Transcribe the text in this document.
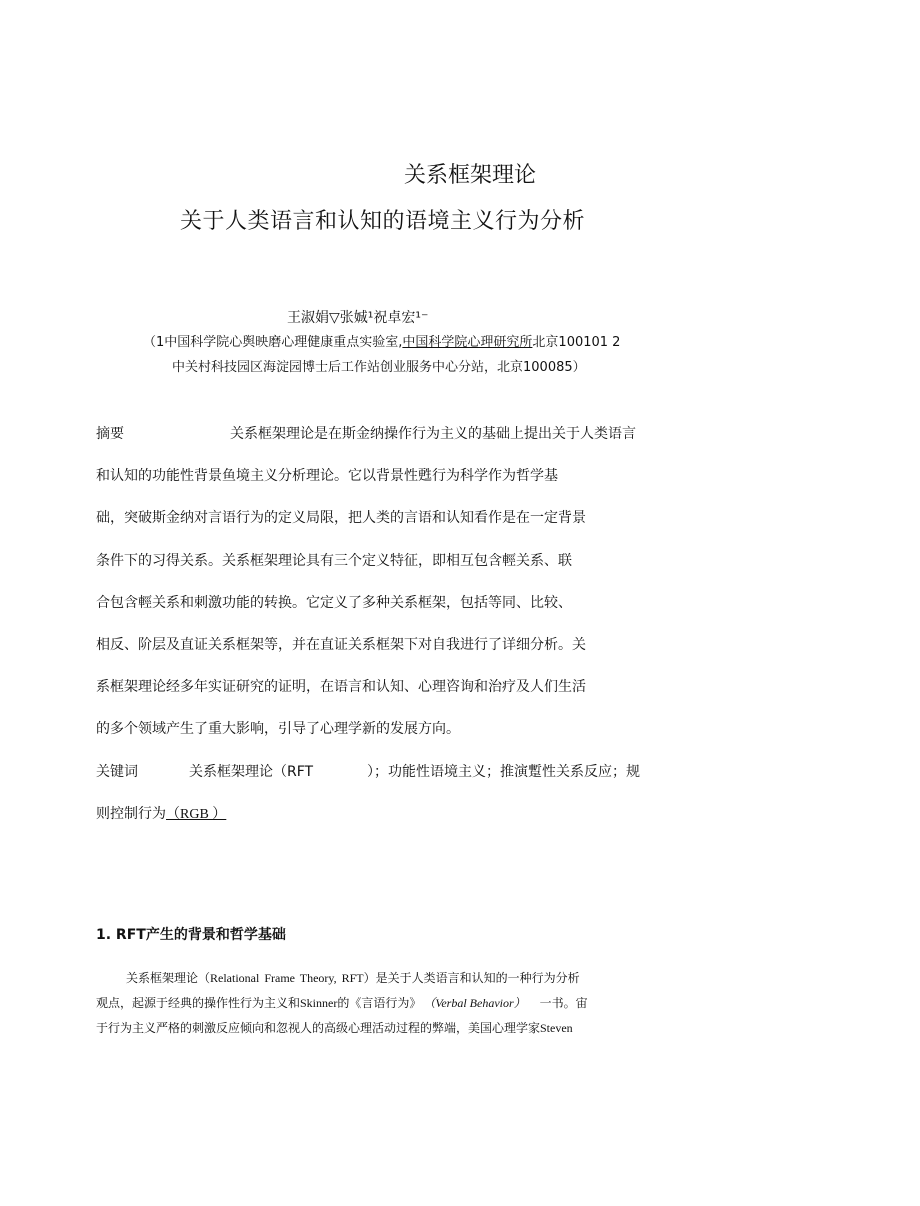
关系框架理论
关于人类语言和认知的语境主义行为分析
王淑娟▽张娍¹祝卓宏¹⁻
（1中国科学院心舆映磨心理健康重点实验室,中国科学院心玾研究所北京100101 2
中关村科技园区海淀园博士后工作站创业服务中心分站，北京100085）
摘要	关系框架理论是在斯金纳操作行为主义的基础上提出关于人类语言
和认知的功能性背景鱼境主义分析理论。它以背景性甦行为科学作为哲学基
础，突破斯金纳对言语行为的定义局限，把人类的言语和认知看作是在一定背景
条件下的习得关系。关系框架理论具有三个定义特征，即相互包含輕关系、联
合包含輕关系和刺激功能的转换。它定义了多种关系框架，包括等同、比较、
相反、阶层及直证关系框架等，并在直证关系框架下对自我进行了详细分析。关
系框架理论经多年实证研究的证明，在语言和认知、心理咨询和治疗及人们生活
的多个领域产生了重大影响，引导了心理学新的发展方向。
关键词	关系框架理论（RFT	）；功能性语境主义；推演蹔性关系反应；规
则控制行为（RGB ）
1. RFT产生的背景和哲学基础
关系框架理论（Relational Frame Theory, RFT）是关于人类语言和认知的一种行为分析
观点，起源于经典的操作性行为主义和Skinner的《言语行为》 （Verbal Behavior） 一书。宙
于行为主义严格的刺激反应倾向和忽视人的高级心理活动过程的弊端，美国心理学家Steven
